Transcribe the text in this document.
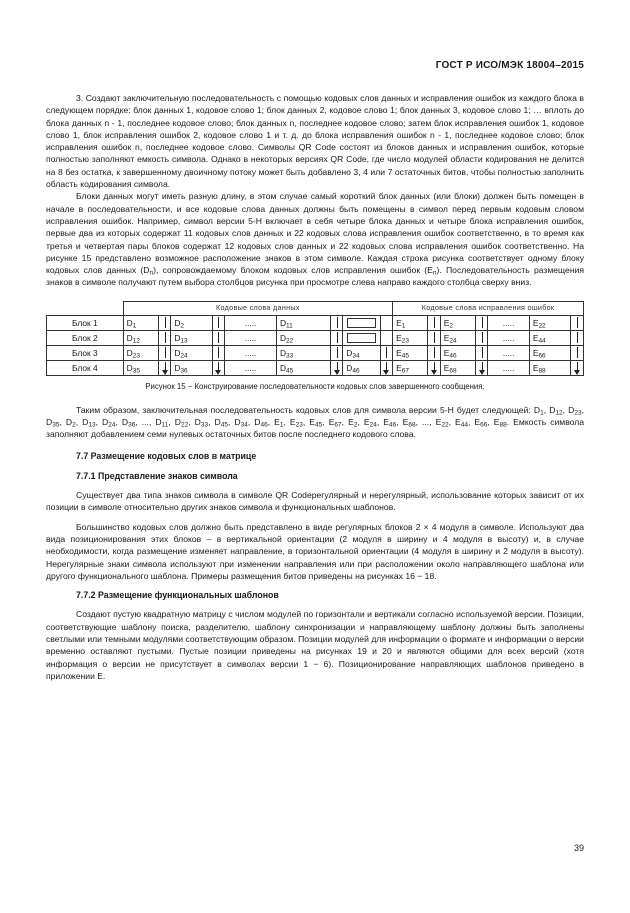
ГОСТ Р ИСО/МЭК 18004–2015

3. Создают заключительную последовательность с помощью кодовых слов данных и исправления ошибок из каждого блока в следующем порядке: блок данных 1, кодовое слово 1; блок данных 2, кодовое слово 1; блок данных 3, кодовое слово 1; … вплоть до блока данных n - 1, последнее кодовое слово; блок данных n, последнее кодовое слово; затем блок исправления ошибок 1, кодовое слово 1, блок исправления ошибок 2, кодовое слово 1 и т. д. до блока исправления ошибок n - 1, последнее кодовое слово; блок исправления ошибок n, последнее кодовое слово. Символы QR Code состоят из блоков данных и исправления ошибок, которые полностью заполняют емкость символа. Однако в некоторых версиях QR Code, где число модулей области кодирования не делится на 8 без остатка, к завершенному двоичному потоку может быть добавлено 3, 4 или 7 остаточных битов, чтобы полностью заполнить область кодирования символа.

Блоки данных могут иметь разную длину, в этом случае самый короткий блок данных (или блоки) должен быть помещен в начале в последовательности, и все кодовые слова данных должны быть помещены в символ перед первым кодовым словом исправления ошибок. Например, символ версии 5-H включает в себя четыре блока данных и четыре блока исправления ошибок, первые два из которых содержат 11 кодовых слов данных и 22 кодовых слова исправления ошибок соответственно, в то время как третья и четвертая пары блоков содержат 12 кодовых слов данных и 22 кодовых слова исправления ошибок соответственно. На рисунке 15 представлено возможное расположение знаков в этом символе. Каждая строка рисунка соответствует одному блоку кодовых слов данных $(D_n)$, сопровождаемому блоком кодовых слов исправления ошибок $(E_n)$. Последовательность размещения знаков в символе получают путем выбора столбцов рисунка при просмотре слева направо каждого столбца сверху вниз.

	Кодовые слова данных									Кодовые слова исправления ошибок						
Блок 1	$D_1$		$D_2$		.....	$D_{11}$				$E_1$		$E_2$		.....	$E_{22}$	

Блок 2	$D_{12}$		$D_{13}$		.....	$D_{22}$				$E_{23}$		$E_{24}$		.....	$E_{44}$	

Блок 3	$D_{23}$		$D_{24}$		.....	$D_{33}$		$D_{34}$		$E_{45}$		$E_{46}$		.....	$E_{66}$	

Блок 4	$D_{35}$		$D_{36}$		.....	$D_{45}$		$D_{46}$		$E_{67}$		$E_{68}$		.....	$E_{88}$	
Рисунок 15 − Конструирование последовательности кодовых слов завершенного сообщения.

Таким образом, заключительная последовательность кодовых слов для символа версии 5-H будет следующей: $D_1$, $D_{12}$, $D_{23}$, $D_{35}$, $D_2$, $D_{13}$, $D_{24}$, $D_{36}$, ..., $D_{11}$, $D_{22}$, $D_{33}$, $D_{45}$, $D_{34}$, $D_{46}$, $E_1$, $E_{23}$, $E_{45}$, $E_{67}$, $E_2$, $E_{24}$, $E_{46}$, $E_{68}$, ..., $E_{22}$, $E_{44}$, $E_{66}$, $E_{88}$. Емкость символа заполняют добавлением семи нулевых остаточных битов после последнего кодового слова.

7.7 Размещение кодовых слов в матрице
7.7.1 Представление знаков символа

Существует два типа знаков символа в символе QR Codeрегулярный и нерегулярный, использование которых зависит от их позиции в символе относительно других знаков символа и функциональных шаблонов.

Большинство кодовых слов должно быть представлено в виде регулярных блоков 2 × 4 модуля в символе. Используют два вида позиционирования этих блоков – в вертикальной ориентации (2 модуля в ширину и 4 модуля в высоту) и, в случае необходимости, когда размещение изменяет направление, в горизонтальной ориентации (4 модуля в ширину и 2 модуля в высоту). Нерегулярные знаки символа используют при изменении направления или при расположении около направляющего шаблона или другого функционального шаблона. Примеры размещения битов приведены на рисунках 16 − 18.

7.7.2 Размещение функциональных шаблонов

Создают пустую квадратную матрицу с числом модулей по горизонтали и вертикали согласно используемой версии. Позиции, соответствующие шаблону поиска, разделителю, шаблону синхронизации и направляющему шаблону должны быть заполнены светлыми или темными модулями соответствующим образом. Позиции модулей для информации о формате и информации о версии временно оставляют пустыми. Пустые позиции приведены на рисунках 19 и 20 и являются общими для всех версий (хотя информация о версии не присутствует в символах версии 1 − 6). Позиционирование направляющих шаблонов приведено в приложении Е.

39
